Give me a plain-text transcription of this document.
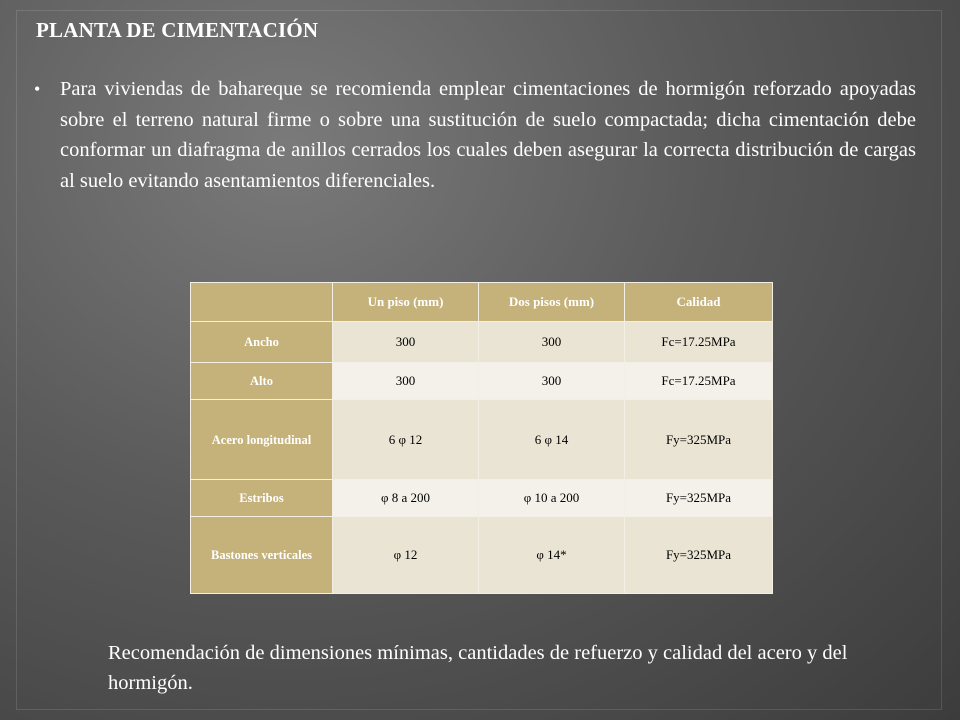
PLANTA DE CIMENTACIÓN
• Para viviendas de bahareque se recomienda emplear cimentaciones de hormigón reforzado apoyadas sobre el terreno natural firme o sobre una sustitución de suelo compactada; dicha cimentación debe conformar un diafragma de anillos cerrados los cuales deben asegurar la correcta distribución de cargas al suelo evitando asentamientos diferenciales.
	Un piso (mm)	Dos pisos (mm)	Calidad
Ancho	300	300	Fc=17.25MPa
Alto	300	300	Fc=17.25MPa
Acero longitudinal	6 φ 12	6 φ 14	Fy=325MPa
Estribos	φ 8 a 200	φ 10 a 200	Fy=325MPa
Bastones verticales	φ 12	φ 14*	Fy=325MPa

Recomendación de dimensiones mínimas, cantidades de refuerzo y calidad del acero y del hormigón.
